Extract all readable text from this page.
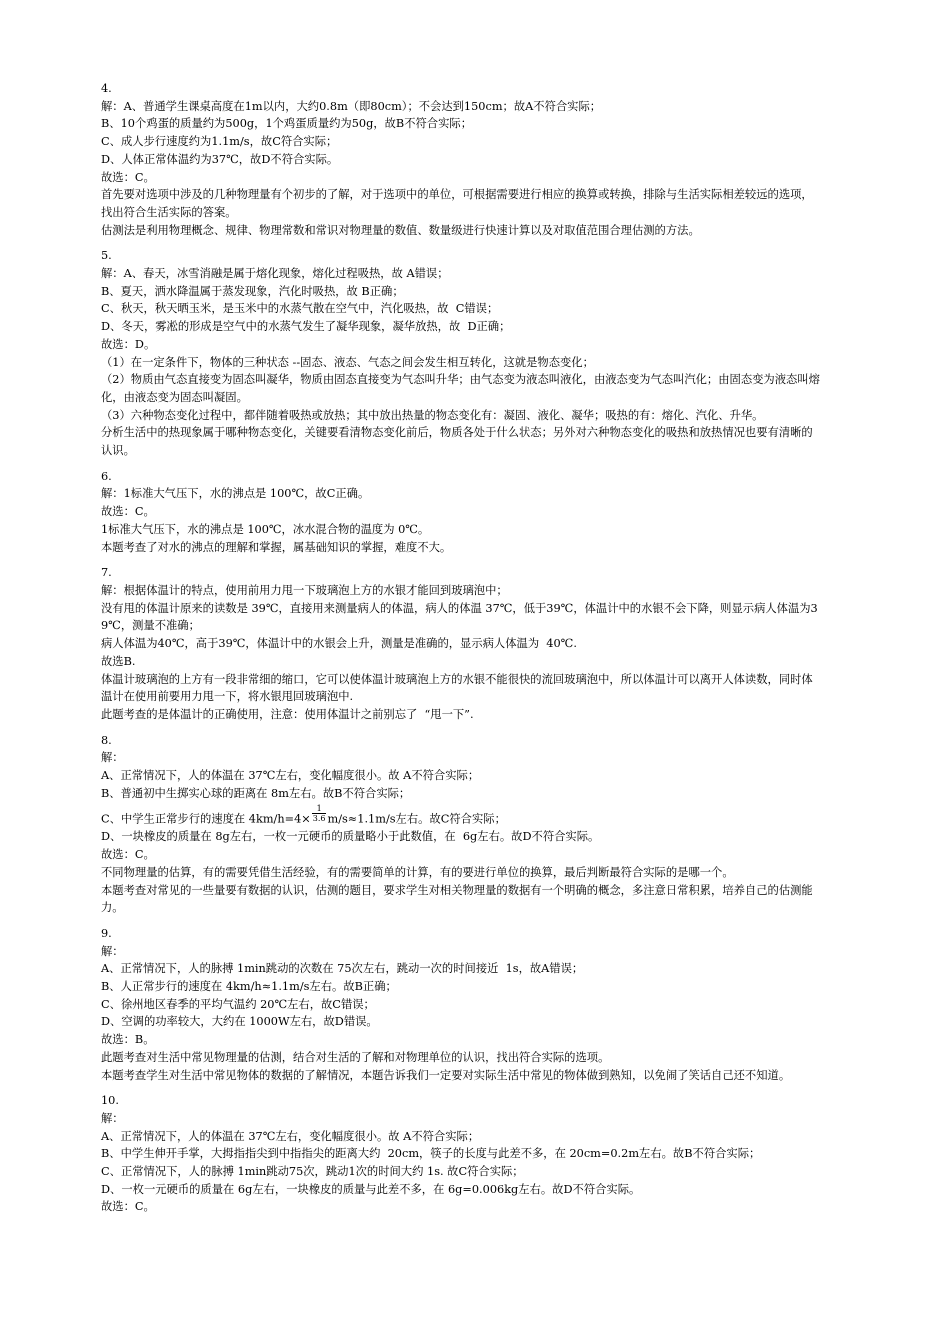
4.
解：A、普通学生课桌高度在1m以内，大约0.8m（即80cm）；不会达到150cm；故A不符合实际；
B、10个鸡蛋的质量约为500g，1个鸡蛋质量约为50g，故B不符合实际；
C、成人步行速度约为1.1m/s，故C符合实际；
D、人体正常体温约为37℃，故D不符合实际。
故选：C。
首先要对选项中涉及的几种物理量有个初步的了解，对于选项中的单位，可根据需要进行相应的换算或转换，排除与生活实际相差较远的选项，找出符合生活实际的答案。
估测法是利用物理概念、规律、物理常数和常识对物理量的数值、数量级进行快速计算以及对取值范围合理估测的方法。
5.
解：A、春天，冰雪消融是属于熔化现象，熔化过程吸热，故 A错误；
B、夏天，洒水降温属于蒸发现象，汽化时吸热，故 B正确；
C、秋天，秋天晒玉米，是玉米中的水蒸气散在空气中，汽化吸热，故  C错误；
D、冬天，雾凇的形成是空气中的水蒸气发生了凝华现象，凝华放热，故  D正确；
故选：D。
（1）在一定条件下，物体的三种状态 --固态、液态、气态之间会发生相互转化，这就是物态变化；
（2）物质由气态直接变为固态叫凝华，物质由固态直接变为气态叫升华；由气态变为液态叫液化，由液态变为气态叫汽化；由固态变为液态叫熔化，由液态变为固态叫凝固。
（3）六种物态变化过程中，都伴随着吸热或放热；其中放出热量的物态变化有：凝固、液化、凝华；吸热的有：熔化、汽化、升华。
分析生活中的热现象属于哪种物态变化，关键要看清物态变化前后，物质各处于什么状态；另外对六种物态变化的吸热和放热情况也要有清晰的认识。
6.
解：1标准大气压下，水的沸点是 100℃，故C正确。
故选：C。
1标准大气压下，水的沸点是 100℃，冰水混合物的温度为 0℃。
本题考查了对水的沸点的理解和掌握，属基础知识的掌握，难度不大。
7.
解：根据体温计的特点，使用前用力甩一下玻璃泡上方的水银才能回到玻璃泡中；
没有甩的体温计原来的读数是 39℃，直接用来测量病人的体温，病人的体温 37℃，低于39℃，体温计中的水银不会下降，则显示病人体温为39℃，测量不准确；
病人体温为40℃，高于39℃，体温计中的水银会上升，测量是准确的，显示病人体温为  40℃.
故选B.
体温计玻璃泡的上方有一段非常细的缩口，它可以使体温计玻璃泡上方的水银不能很快的流回玻璃泡中，所以体温计可以离开人体读数，同时体温计在使用前要用力甩一下，将水银甩回玻璃泡中.
此题考查的是体温计的正确使用，注意：使用体温计之前别忘了  “甩一下”.
8.
解：
A、正常情况下，人的体温在 37℃左右，变化幅度很小。故 A不符合实际；
B、普通初中生掷实心球的距离在 8m左右。故B不符合实际；
C、中学生正常步行的速度在 $4km/h=4\times \frac{1}{3.6} m/s\approx 1.1m/s$左右。故C符合实际；
D、一块橡皮的质量在 8g左右，一枚一元硬币的质量略小于此数值，在  6g左右。故D不符合实际。
故选：C。
不同物理量的估算，有的需要凭借生活经验，有的需要简单的计算，有的要进行单位的换算，最后判断最符合实际的是哪一个。
本题考查对常见的一些量要有数据的认识，估测的题目，要求学生对相关物理量的数据有一个明确的概念，多注意日常积累，培养自己的估测能力。
9.
解：
A、正常情况下，人的脉搏 1min跳动的次数在 75次左右，跳动一次的时间接近  1s，故A错误；
B、人正常步行的速度在 4km/h≈1.1m/s左右。故B正确；
C、徐州地区春季的平均气温约 20℃左右，故C错误；
D、空调的功率较大，大约在 1000W左右，故D错误。
故选：B。
此题考查对生活中常见物理量的估测，结合对生活的了解和对物理单位的认识，找出符合实际的选项。
本题考查学生对生活中常见物体的数据的了解情况，本题告诉我们一定要对实际生活中常见的物体做到熟知，以免闹了笑话自己还不知道。
10.
解：
A、正常情况下，人的体温在 37℃左右，变化幅度很小。故 A不符合实际；
B、中学生伸开手掌，大拇指指尖到中指指尖的距离大约  20cm，筷子的长度与此差不多，在 20cm=0.2m左右。故B不符合实际；
C、正常情况下，人的脉搏 1min跳动75次，跳动1次的时间大约 1s. 故C符合实际；
D、一枚一元硬币的质量在 6g左右，一块橡皮的质量与此差不多，在 6g=0.006kg左右。故D不符合实际。
故选：C。
